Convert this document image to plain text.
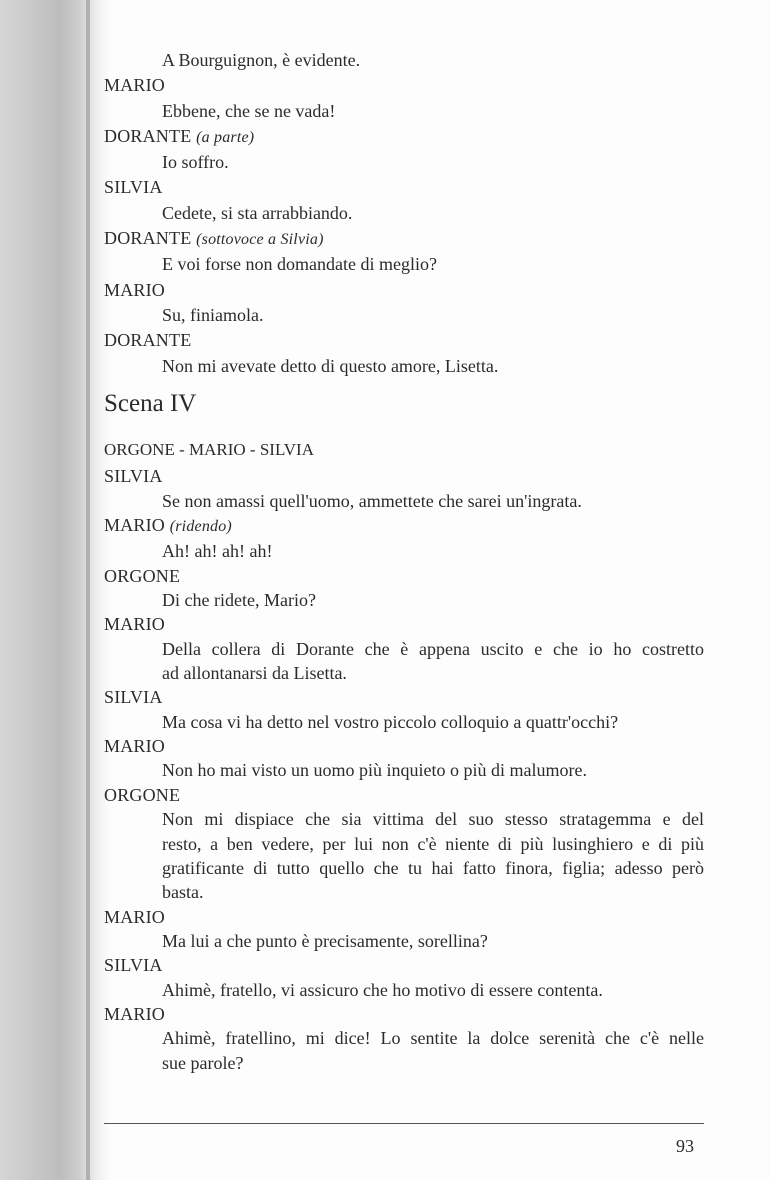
A Bourguignon, è evidente.
MARIO
Ebbene, che se ne vada!
DORANTE (a parte)
Io soffro.
SILVIA
Cedete, si sta arrabbiando.
DORANTE (sottovoce a Silvia)
E voi forse non domandate di meglio?
MARIO
Su, finiamola.
DORANTE
Non mi avevate detto di questo amore, Lisetta.
Scena IV
ORGONE - MARIO - SILVIA
SILVIA
Se non amassi quell'uomo, ammettete che sarei un'ingrata.
MARIO (ridendo)
Ah! ah! ah! ah!
ORGONE
Di che ridete, Mario?
MARIO
Della collera di Dorante che è appena uscito e che io ho costretto
ad allontanarsi da Lisetta.
SILVIA
Ma cosa vi ha detto nel vostro piccolo colloquio a quattr'occhi?
MARIO
Non ho mai visto un uomo più inquieto o più di malumore.
ORGONE
Non mi dispiace che sia vittima del suo stesso stratagemma e del
resto, a ben vedere, per lui non c'è niente di più lusinghiero e di più
gratificante di tutto quello che tu hai fatto finora, figlia; adesso però
basta.
MARIO
Ma lui a che punto è precisamente, sorellina?
SILVIA
Ahimè, fratello, vi assicuro che ho motivo di essere contenta.
MARIO
Ahimè, fratellino, mi dice! Lo sentite la dolce serenità che c'è nelle
sue parole?
93
